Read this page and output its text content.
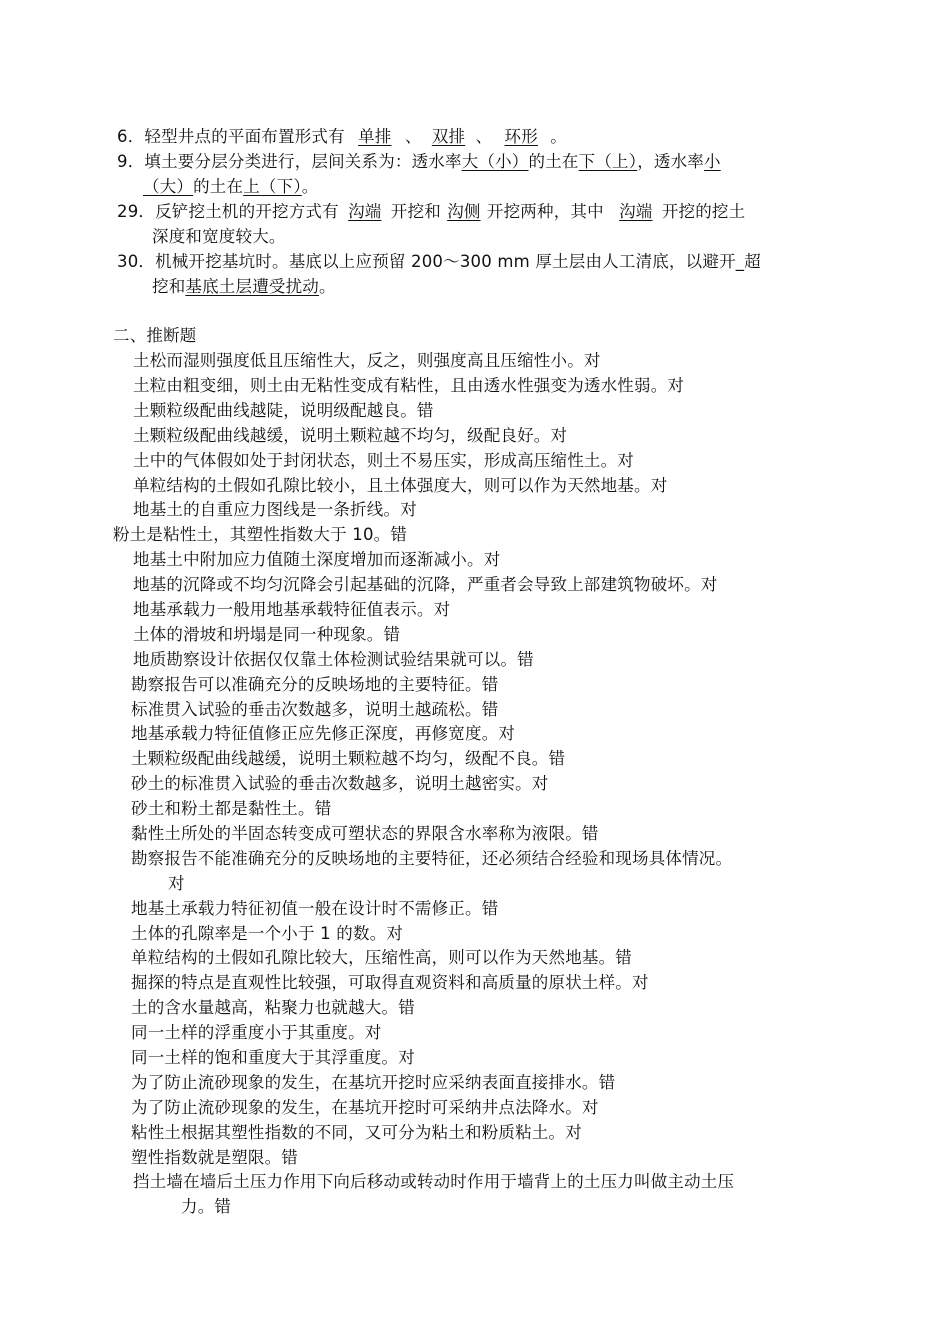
6．轻型井点的平面布置形式有 单排 、 双排 、 环形 。
9．填土要分层分类进行，层间关系为：透水率大（小）的土在下（上），透水率小
（大）的土在上（下）。
29．反铲挖土机的开挖方式有 沟端 开挖和 沟侧 开挖两种，其中 沟端 开挖的挖土
深度和宽度较大。
30．机械开挖基坑时。基底以上应预留 200～300 mm 厚土层由人工清底，以避开_超
挖和基底土层遭受扰动。
二、推断题
土松而湿则强度低且压缩性大，反之，则强度高且压缩性小。对
土粒由粗变细，则土由无粘性变成有粘性，且由透水性强变为透水性弱。对
土颗粒级配曲线越陡，说明级配越良。错
土颗粒级配曲线越缓，说明土颗粒越不均匀，级配良好。对
土中的气体假如处于封闭状态，则土不易压实，形成高压缩性土。对
单粒结构的土假如孔隙比较小，且土体强度大，则可以作为天然地基。对
地基土的自重应力图线是一条折线。对
粉土是粘性土，其塑性指数大于 10。错
地基土中附加应力值随土深度增加而逐渐减小。对
地基的沉降或不均匀沉降会引起基础的沉降，严重者会导致上部建筑物破坏。对
地基承载力一般用地基承载特征值表示。对
土体的滑坡和坍塌是同一种现象。错
地质勘察设计依据仅仅靠土体检测试验结果就可以。错
勘察报告可以准确充分的反映场地的主要特征。错
标准贯入试验的垂击次数越多，说明土越疏松。错
地基承载力特征值修正应先修正深度，再修宽度。对
土颗粒级配曲线越缓，说明土颗粒越不均匀，级配不良。错
砂土的标准贯入试验的垂击次数越多，说明土越密实。对
砂土和粉土都是黏性土。错
黏性土所处的半固态转变成可塑状态的界限含水率称为液限。错
勘察报告不能准确充分的反映场地的主要特征，还必须结合经验和现场具体情况。
对
地基土承载力特征初值一般在设计时不需修正。错
土体的孔隙率是一个小于 1 的数。对
单粒结构的土假如孔隙比较大，压缩性高，则可以作为天然地基。错
掘探的特点是直观性比较强，可取得直观资料和高质量的原状土样。对
土的含水量越高，粘聚力也就越大。错
同一土样的浮重度小于其重度。对
同一土样的饱和重度大于其浮重度。对
为了防止流砂现象的发生，在基坑开挖时应采纳表面直接排水。错
为了防止流砂现象的发生，在基坑开挖时可采纳井点法降水。对
粘性土根据其塑性指数的不同，又可分为粘土和粉质粘土。对
塑性指数就是塑限。错
挡土墙在墙后土压力作用下向后移动或转动时作用于墙背上的土压力叫做主动土压
力。错
